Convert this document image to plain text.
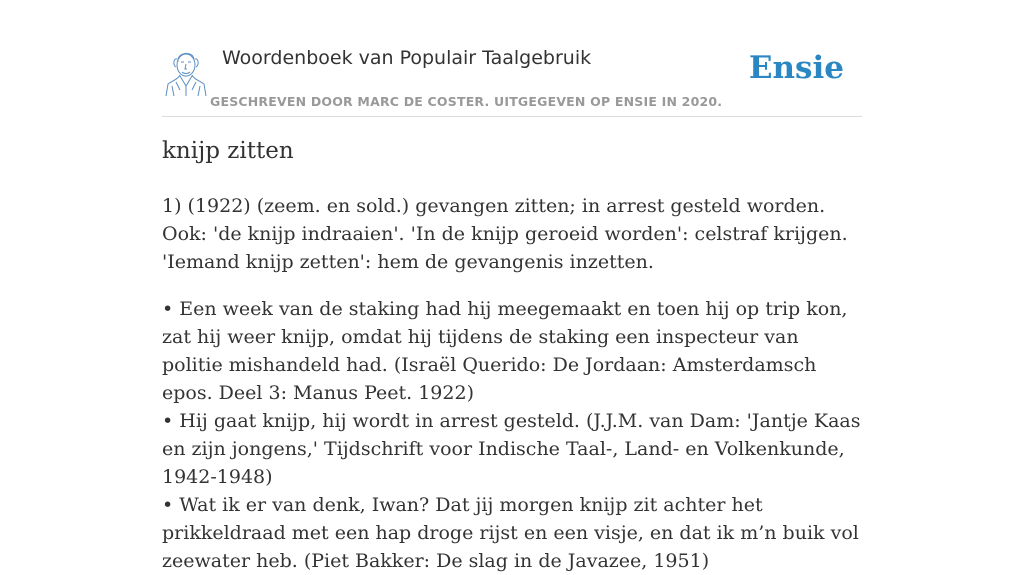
Woordenboek van Populair Taalgebruik
GESCHREVEN DOOR MARC DE COSTER. UITGEGEVEN OP ENSIE IN 2020.
Ensie
knijp zitten

1) (1922) (zeem. en sold.) gevangen zitten; in arrest gesteld worden. Ook: 'de knijp indraaien'. 'In de knijp geroeid worden': celstraf krijgen. 'Iemand knijp zetten': hem de gevangenis inzetten.

• Een week van de staking had hij meegemaakt en toen hij op trip kon, zat hij weer knijp, omdat hij tijdens de staking een inspecteur van politie mishandeld had. (Israël Querido: De Jordaan: Amsterdamsch epos. Deel 3: Manus Peet. 1922)
• Hij gaat knijp, hij wordt in arrest gesteld. (J.J.M. van Dam: 'Jantje Kaas en zijn jongens,' Tijdschrift voor Indische Taal-, Land- en Volkenkunde, 1942-1948)
• Wat ik er van denk, Iwan? Dat jij morgen knijp zit achter het prikkeldraad met een hap droge rijst en een visje, en dat ik m’n buik vol zeewater heb. (Piet Bakker: De slag in de Javazee, 1951)
